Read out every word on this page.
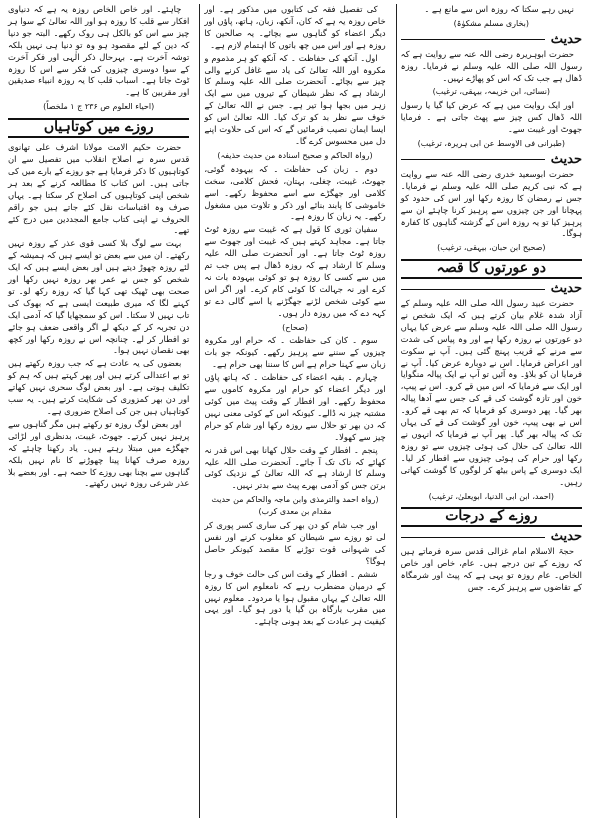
نہیں رہے سکتا کہ روزہ اس سے مانع ہے ۔

(بخاری مسلم مشکوٰۃ)
حدیث

حضرت ابوہریرہ رضی اللہ عنہ سے روایت ہے کہ رسول اللہ صلی اللہ علیہ وسلم نے فرمایا۔ روزہ ڈھال ہے جب تک کہ اس کو پھاڑے نہیں۔

(نسائی، ابن خزیمہ، بیہقی، ترغیب)

اور ایک روایت میں ہے کہ عرض کیا گیا یا رسول اللہ ڈھال کس چیز سے پھٹ جاتی ہے ۔ فرمایا جھوٹ اور غیبت سے۔

(طبرانی فی الاوسط عن ابی ہریرہ، ترغیب)
حدیث

حضرت ابوسعید خدری رضی اللہ عنہ سے روایت ہے کہ نبی کریم صلی اللہ علیہ وسلم نے فرمایا۔ جس نے رمضان کا روزہ رکھا اور اس کی حدود کو پہچانا اور جن چیزوں سے پرہیز کرنا چاہئے ان سے پرہیز کیا تو یہ روزہ اس کے گزشتہ گناہوں کا کفارہ ہوگا۔

(صحیح ابن حبان، بیہقی، ترغیب)
دو عورتوں کا قصہ
حدیث

حضرت عبید رسول اللہ صلی اللہ علیہ وسلم کے آزاد شدہ غلام بیان کرتے ہیں کہ ایک شخص نے رسول اللہ صلی اللہ علیہ وسلم سے عرض کیا یہاں دو عورتوں نے روزہ رکھا ہے اور وہ پیاس کی شدت سے مرنے کے قریب پہنچ گئی ہیں۔ آپ نے سکوت اور اعراض فرمایا۔ اس نے دوبارہ عرض کیا۔ آپ نے فرمایا ان کو بلاؤ۔ وہ آئیں تو آپ نے ایک پیالہ منگوایا اور ایک سے فرمایا کہ اس میں قے کرو۔ اس نے پیپ، خون اور تازہ گوشت کی قے کی جس سے آدھا پیالہ بھر گیا۔ پھر دوسری کو فرمایا کہ تم بھی قے کرو۔ اس نے بھی پیپ، خون اور گوشت کی قے کی یہاں تک کہ پیالہ بھر گیا۔ پھر آپ نے فرمایا کہ انہوں نے اللہ تعالیٰ کی حلال کی ہوئی چیزوں سے تو روزہ رکھا اور حرام کی ہوئی چیزوں سے افطار کر لیا۔ ایک دوسری کے پاس بیٹھ کر لوگوں کا گوشت کھاتی رہیں۔

(احمد، ابن ابی الدنیا، ابویعلیٰ، ترغیب)
روزے کے درجات
حدیث

حجۃ الاسلام امام غزالی قدس سرہ فرماتے ہیں کہ روزے کے تین درجے ہیں۔ عام، خاص اور خاص الخاص۔ عام روزہ تو یہی ہے کہ پیٹ اور شرمگاہ کے تقاضوں سے پرہیز کرے۔ جس

کی تفصیل فقہ کی کتابوں میں مذکور ہے۔ اور خاص روزہ یہ ہے کہ کان، آنکھ، زبان، ہاتھ، پاؤں اور دیگر اعضاء کو گناہوں سے بچائے۔ یہ صالحین کا روزہ ہے اور اس میں چھ باتوں کا اہتمام لازم ہے۔

اول۔ آنکھ کی حفاظت ۔ کہ آنکھ کو ہر مذموم و مکروہ اور اللہ تعالیٰ کی یاد سے غافل کرنے والی چیز سے بچائے۔ آنحضرت صلی اللہ علیہ وسلم کا ارشاد ہے کہ نظر شیطان کے تیروں میں سے ایک زہر میں بجھا ہوا تیر ہے۔ جس نے اللہ تعالیٰ کے خوف سے نظر بد کو ترک کیا۔ اللہ تعالیٰ اس کو ایسا ایمان نصیب فرمائیں گے کہ اس کی حلاوت اپنے دل میں محسوس کرے گا۔

(رواہ الحاکم و صحیح اسنادہ من حدیث حذیفہ)

دوم ۔ زبان کی حفاظت ۔ کہ بیہودہ گوئی، جھوٹ، غیبت، چغلی، بہتان، فحش کلامی، سخت کلامی اور جھگڑے سے اسے محفوظ رکھے۔ اسے خاموشی کا پابند بنائے اور ذکر و تلاوت میں مشغول رکھے۔ یہ زبان کا روزہ ہے۔

سفیان ثوری کا قول ہے کہ غیبت سے روزہ ٹوٹ جاتا ہے۔ مجاہد کہتے ہیں کہ غیبت اور جھوٹ سے روزہ ٹوٹ جاتا ہے۔ اور آنحضرت صلی اللہ علیہ وسلم کا ارشاد ہے کہ روزہ ڈھال ہے پس جب تم میں سے کسی کا روزہ ہو تو کوئی بیہودہ بات نہ کرے اور نہ جہالت کا کوئی کام کرے۔ اور اگر اس سے کوئی شخص لڑنے جھگڑنے یا اسے گالی دے تو کہہ دے کہ میں روزہ دار ہوں۔

(صحاح)

سوم ۔ کان کی حفاظت ۔ کہ حرام اور مکروہ چیزوں کے سننے سے پرہیز رکھے۔ کیونکہ جو بات زبان سے کہنا حرام ہے اس کا سننا بھی حرام ہے۔

چہارم ۔ بقیہ اعضاء کی حفاظت ۔ کہ ہاتھ پاؤں اور دیگر اعضاء کو حرام اور مکروہ کاموں سے محفوظ رکھے۔ اور افطار کے وقت پیٹ میں کوئی مشتبہ چیز نہ ڈالے۔ کیونکہ اس کے کوئی معنی نہیں کہ دن بھر تو حلال سے روزہ رکھا اور شام کو حرام چیز سے کھولا۔

پنجم ۔ افطار کے وقت حلال کھانا بھی اس قدر نہ کھائے کہ ناک تک آ جائے۔ آنحضرت صلی اللہ علیہ وسلم کا ارشاد ہے کہ اللہ تعالیٰ کے نزدیک کوئی برتن جس کو آدمی بھرے پیٹ سے بدتر نہیں۔

(رواہ احمد والترمذی وابن ماجہ والحاکم من حدیث مقدام بن معدی کرب)

اور جب شام کو دن بھر کی ساری کسر پوری کر لی تو روزے سے شیطان کو مغلوب کرنے اور نفس کی شہوانی قوت توڑنے کا مقصد کیونکر حاصل ہوگا؟

ششم ۔ افطار کے وقت اس کی حالت خوف و رجا کے درمیان مضطرب رہے کہ نامعلوم اس کا روزہ اللہ تعالیٰ کے یہاں مقبول ہوا یا مردود۔ معلوم نہیں میں مقرب بارگاہ بن گیا یا دور ہو گیا۔ اور یہی کیفیت ہر عبادت کے بعد ہونی چاہئے۔

چاہئے۔ اور خاص الخاص روزہ یہ ہے کہ دنیاوی افکار سے قلب کا روزہ ہو اور اللہ تعالیٰ کے سوا ہر چیز سے اس کو بالکل ہی روک رکھے۔ البتہ جو دنیا کہ دین کے لئے مقصود ہو وہ تو دنیا ہی نہیں بلکہ توشہ آخرت ہے۔ بہرحال ذکر الٰہی اور فکر آخرت کے سوا دوسری چیزوں کی فکر سے اس کا روزہ ٹوٹ جاتا ہے۔ اسباب قلب کا یہ روزہ انبیاء صدیقین اور مقربین کا ہے۔

(احیاء العلوم ص ۲۳۶ ج ۱ ملخصاً)
روزے میں کوتاہیاں

حضرت حکیم الامت مولانا اشرف علی تھانوی قدس سرہ نے اصلاح انقلاب میں تفصیل سے ان کوتاہیوں کا ذکر فرمایا ہے جو روزے کے بارے میں کی جاتی ہیں۔ اس کتاب کا مطالعہ کرنے کے بعد ہر شخص اپنی کوتاہیوں کی اصلاح کر سکتا ہے۔ یہاں صرف وہ اقتباسات نقل کئے جاتے ہیں جو راقم الحروف نے اپنی کتاب جامع المجددین میں درج کئے تھے۔

بہت سے لوگ بلا کسی قوی عذر کے روزہ نہیں رکھتے۔ ان میں سے بعض تو ایسے ہیں کہ ہمیشہ کے لئے روزہ چھوڑ دیتے ہیں اور بعض ایسے ہیں کہ ایک شخص کو جس نے عمر بھر روزہ نہیں رکھا اور صحت بھی ٹھیک تھی کہا گیا کہ روزہ رکھ لو۔ تو کہنے لگا کہ میری طبیعت ایسی ہے کہ بھوک کی تاب نہیں لا سکتا۔ اس کو سمجھایا گیا کہ آدمی ایک دن تجربہ کر کے دیکھ لے اگر واقعی ضعف ہو جائے تو افطار کر لے۔ چنانچہ اس نے روزہ رکھا اور کچھ بھی نقصان نہیں ہوا۔

بعضوں کی یہ عادت ہے کہ جب روزہ رکھتے ہیں تو بے اعتدالی کرتے ہیں اور پھر کہتے ہیں کہ ہم کو تکلیف ہوتی ہے۔ اور بعض لوگ سحری نہیں کھاتے اور دن بھر کمزوری کی شکایت کرتے ہیں۔ یہ سب کوتاہیاں ہیں جن کی اصلاح ضروری ہے۔

اور بعض لوگ روزہ تو رکھتے ہیں مگر گناہوں سے پرہیز نہیں کرتے۔ جھوٹ، غیبت، بدنظری اور لڑائی جھگڑے میں مبتلا رہتے ہیں۔ یاد رکھنا چاہئے کہ روزہ صرف کھانا پینا چھوڑنے کا نام نہیں بلکہ گناہوں سے بچنا بھی روزے کا حصہ ہے۔ اور بعضے بلا عذر شرعی روزہ نہیں رکھتے۔
